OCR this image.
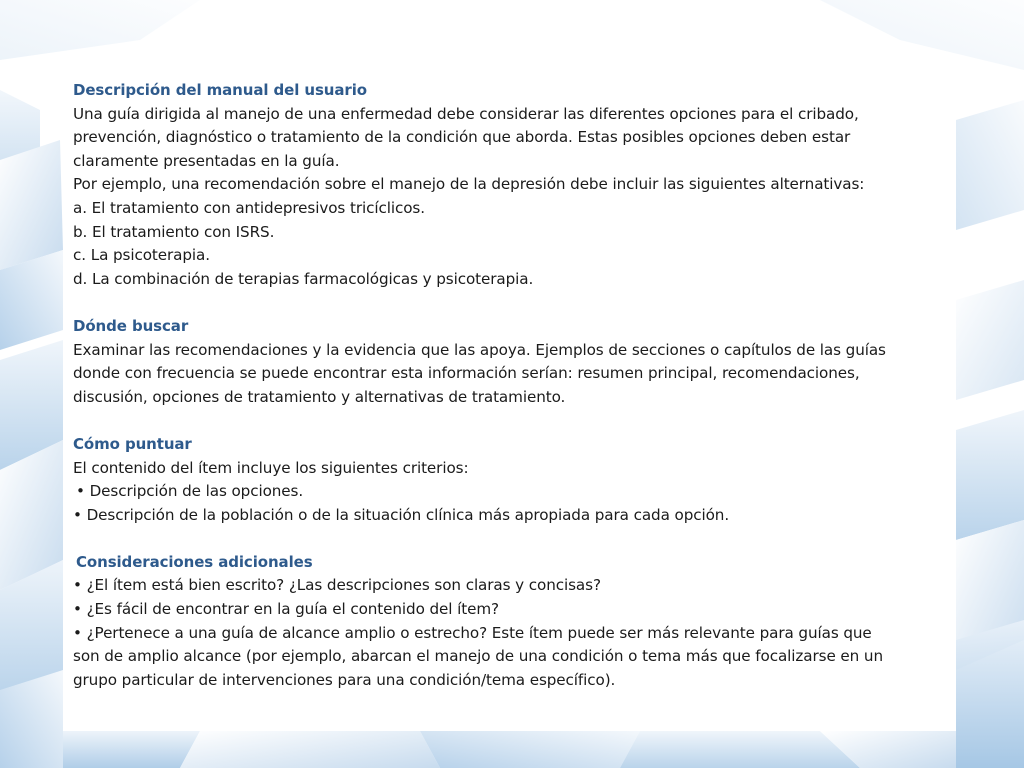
Descripción del manual del usuario

Una guía dirigida al manejo de una enfermedad debe considerar las diferentes opciones para el cribado,

prevención, diagnóstico o tratamiento de la condición que aborda. Estas posibles opciones deben estar

claramente presentadas en la guía.

Por ejemplo, una recomendación sobre el manejo de la depresión debe incluir las siguientes alternativas:

a. El tratamiento con antidepresivos tricíclicos.

b. El tratamiento con ISRS.

c. La psicoterapia.

d. La combinación de terapias farmacológicas y psicoterapia.

Dónde buscar

Examinar las recomendaciones y la evidencia que las apoya. Ejemplos de secciones o capítulos de las guías

donde con frecuencia se puede encontrar esta información serían: resumen principal, recomendaciones,

discusión, opciones de tratamiento y alternativas de tratamiento.

Cómo puntuar

El contenido del ítem incluye los siguientes criterios:

• Descripción de las opciones.

• Descripción de la población o de la situación clínica más apropiada para cada opción.

Consideraciones adicionales

• ¿El ítem está bien escrito? ¿Las descripciones son claras y concisas?

• ¿Es fácil de encontrar en la guía el contenido del ítem?

• ¿Pertenece a una guía de alcance amplio o estrecho? Este ítem puede ser más relevante para guías que

son de amplio alcance (por ejemplo, abarcan el manejo de una condición o tema más que focalizarse en un

grupo particular de intervenciones para una condición/tema específico).
